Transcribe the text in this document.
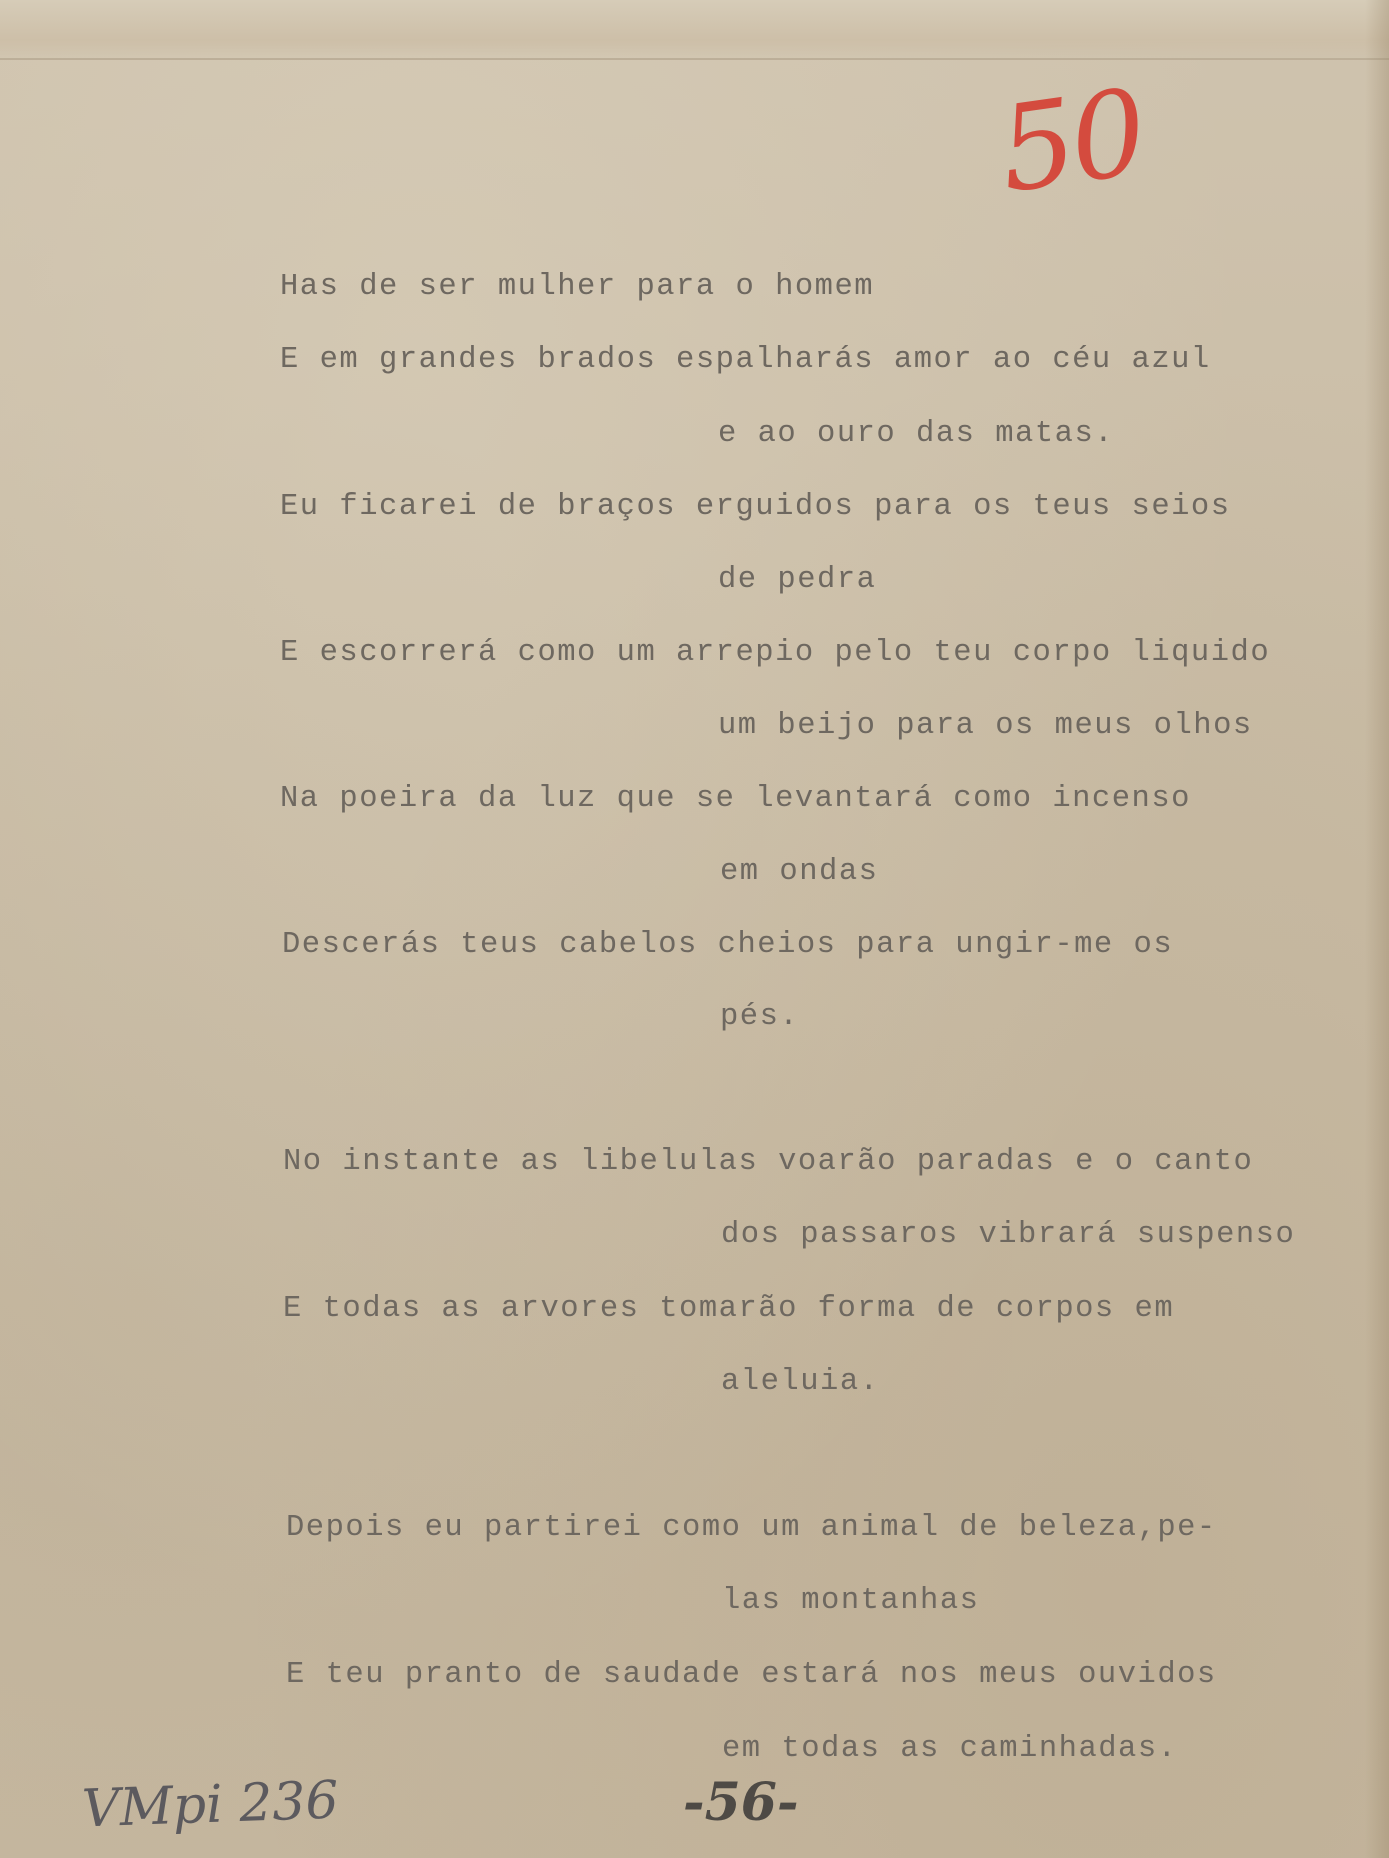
50
Has de ser mulher para o homem
E em grandes brados espalharás amor ao céu azul
e ao ouro das matas.
Eu ficarei de braços erguidos para os teus seios
de pedra
E escorrerá como um arrepio pelo teu corpo liquido
um beijo para os meus olhos
Na poeira da luz que se levantará como incenso
em ondas
Descerás teus cabelos cheios para ungir-me os
pés.
No instante as libelulas voarão paradas e o canto
dos passaros vibrará suspenso
E todas as arvores tomarão forma de corpos em
aleluia.
Depois eu partirei como um animal de beleza,pe-
las montanhas
E teu pranto de saudade estará nos meus ouvidos
em todas as caminhadas.
VMpi 236	-56-
